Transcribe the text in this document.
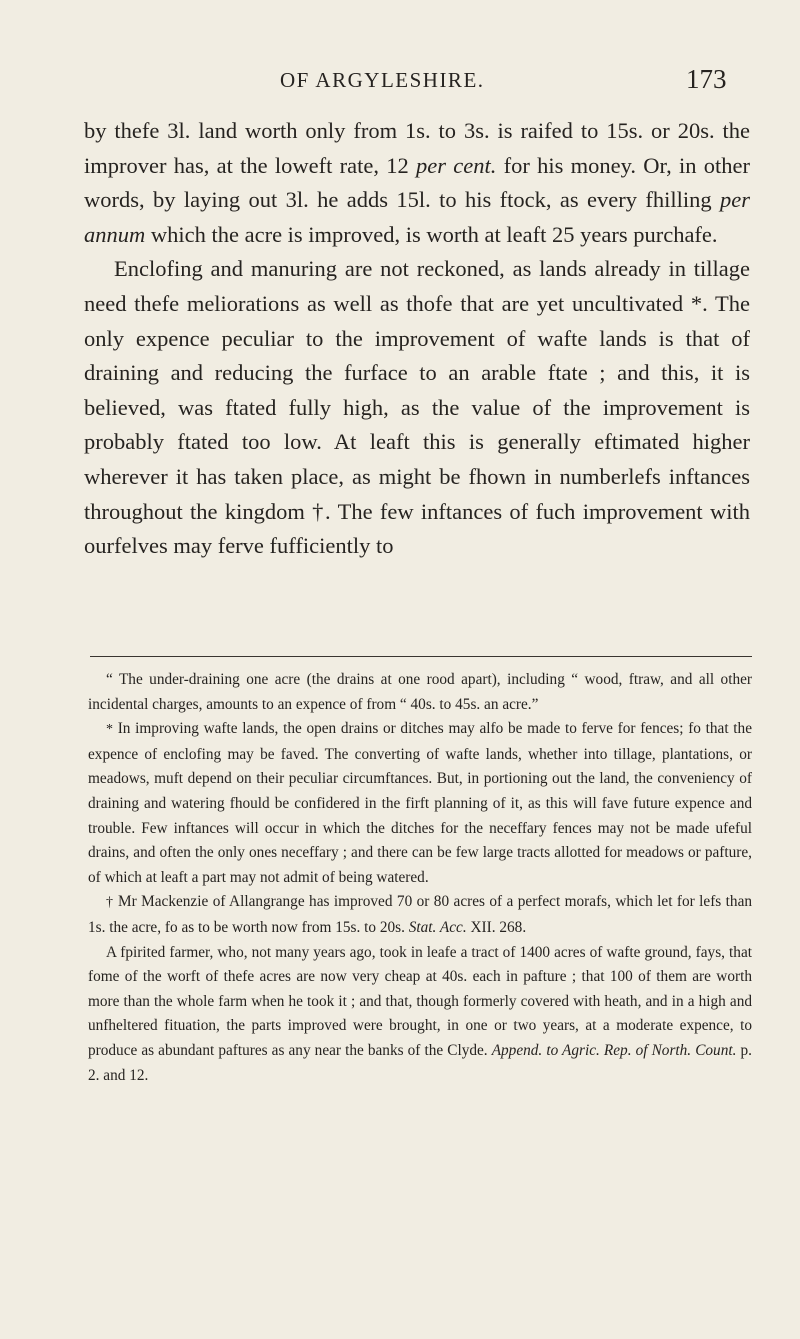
OF ARGYLESHIRE.	173

by thefe 3l. land worth only from 1s. to 3s. is raifed to 15s. or 20s. the improver has, at the loweft rate, 12 per cent. for his money. Or, in other words, by laying out 3l. he adds 15l. to his ftock, as every fhilling per annum which the acre is improved, is worth at leaft 25 years purchafe.

Enclofing and manuring are not reckoned, as lands already in tillage need thefe meliorations as well as thofe that are yet uncultivated *. The only expence peculiar to the improvement of wafte lands is that of draining and reducing the furface to an arable ftate ; and this, it is believed, was ftated fully high, as the value of the improvement is probably ftated too low. At leaft this is generally eftimated higher wherever it has taken place, as might be fhown in numberlefs inftances throughout the kingdom †. The few inftances of fuch improvement with ourfelves may ferve fufficiently to

“ The under-draining one acre (the drains at one rood apart), including “ wood, ftraw, and all other incidental charges, amounts to an expence of from “ 40s. to 45s. an acre.”

* In improving wafte lands, the open drains or ditches may alfo be made to ferve for fences; fo that the expence of enclofing may be faved. The converting of wafte lands, whether into tillage, plantations, or meadows, muft depend on their peculiar circumftances. But, in portioning out the land, the conveniency of draining and watering fhould be confidered in the firft planning of it, as this will fave future expence and trouble. Few inftances will occur in which the ditches for the neceffary fences may not be made ufeful drains, and often the only ones neceffary ; and there can be few large tracts allotted for meadows or pafture, of which at leaft a part may not admit of being watered.

† Mr Mackenzie of Allangrange has improved 70 or 80 acres of a perfect morafs, which let for lefs than 1s. the acre, fo as to be worth now from 15s. to 20s. Stat. Acc. XII. 268.

A fpirited farmer, who, not many years ago, took in leafe a tract of 1400 acres of wafte ground, fays, that fome of the worft of thefe acres are now very cheap at 40s. each in pafture ; that 100 of them are worth more than the whole farm when he took it ; and that, though formerly covered with heath, and in a high and unfheltered fituation, the parts improved were brought, in one or two years, at a moderate expence, to produce as abundant paftures as any near the banks of the Clyde. Append. to Agric. Rep. of North. Count. p. 2. and 12.
